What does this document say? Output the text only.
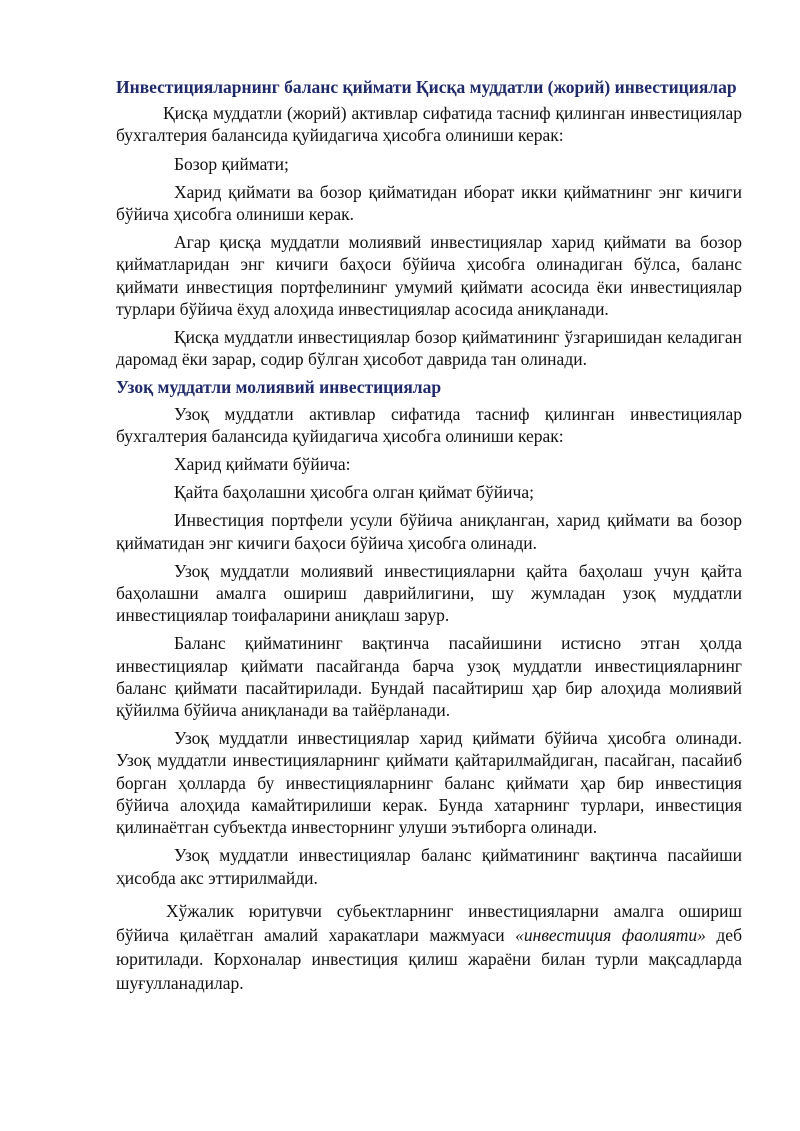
Инвестицияларнинг баланс қиймати Қисқа муддатли (жорий) инвестициялар

Қисқа муддатли (жорий) активлар сифатида тасниф қилинган инвестициялар бухгалтерия балансида қуйидагича ҳисобга олиниши керак:

Бозор қиймати;

Харид қиймати ва бозор қийматидан иборат икки қийматнинг энг кичиги бўйича ҳисобга олиниши керак.

Агар қисқа муддатли молиявий инвестициялар харид қиймати ва бозор қийматларидан энг кичиги баҳоси бўйича ҳисобга олинадиган бўлса, баланс қиймати инвестиция портфелининг умумий қиймати асосида ёки инвестициялар турлари бўйича ёхуд алоҳида инвестициялар асосида аниқланади.

Қисқа муддатли инвестициялар бозор қийматининг ўзгаришидан келадиган даромад ёки зарар, содир бўлган ҳисобот даврида тан олинади.

Узоқ муддатли молиявий инвестициялар

Узоқ муддатли активлар сифатида тасниф қилинган инвестициялар бухгалтерия балансида қуйидагича ҳисобга олиниши керак:

Харид қиймати бўйича:

Қайта баҳолашни ҳисобга олган қиймат бўйича;

Инвестиция портфели усули бўйича аниқланган, харид қиймати ва бозор қийматидан энг кичиги баҳоси бўйича ҳисобга олинади.

Узоқ муддатли молиявий инвестицияларни қайта баҳолаш учун қайта баҳолашни амалга ошириш даврийлигини, шу жумладан узоқ муддатли инвестициялар тоифаларини аниқлаш зарур.

Баланс қийматининг вақтинча пасайишини истисно этган ҳолда инвестициялар қиймати пасайганда барча узоқ муддатли инвестицияларнинг баланс қиймати пасайтирилади. Бундай пасайтириш ҳар бир алоҳида молиявий қўйилма бўйича аниқланади ва тайёрланади.

Узоқ муддатли инвестициялар харид қиймати бўйича ҳисобга олинади. Узоқ муддатли инвестицияларнинг қиймати қайтарилмайдиган, пасайган, пасайиб борган ҳолларда бу инвестицияларнинг баланс қиймати ҳар бир инвестиция бўйича алоҳида камайтирилиши керак. Бунда хатарнинг турлари, инвестиция қилинаётган субъектда инвесторнинг улуши эътиборга олинади.

Узоқ муддатли инвестициялар баланс қийматининг вақтинча пасайиши ҳисобда акс эттирилмайди.

Хўжалик юритувчи субьектларнинг инвестицияларни амалга ошириш бўйича қилаётган амалий харакатлари мажмуаси «инвестиция фаолияти» деб юритилади. Корхоналар инвестиция қилиш жараёни билан турли мақсадларда шуғулланадилар.
